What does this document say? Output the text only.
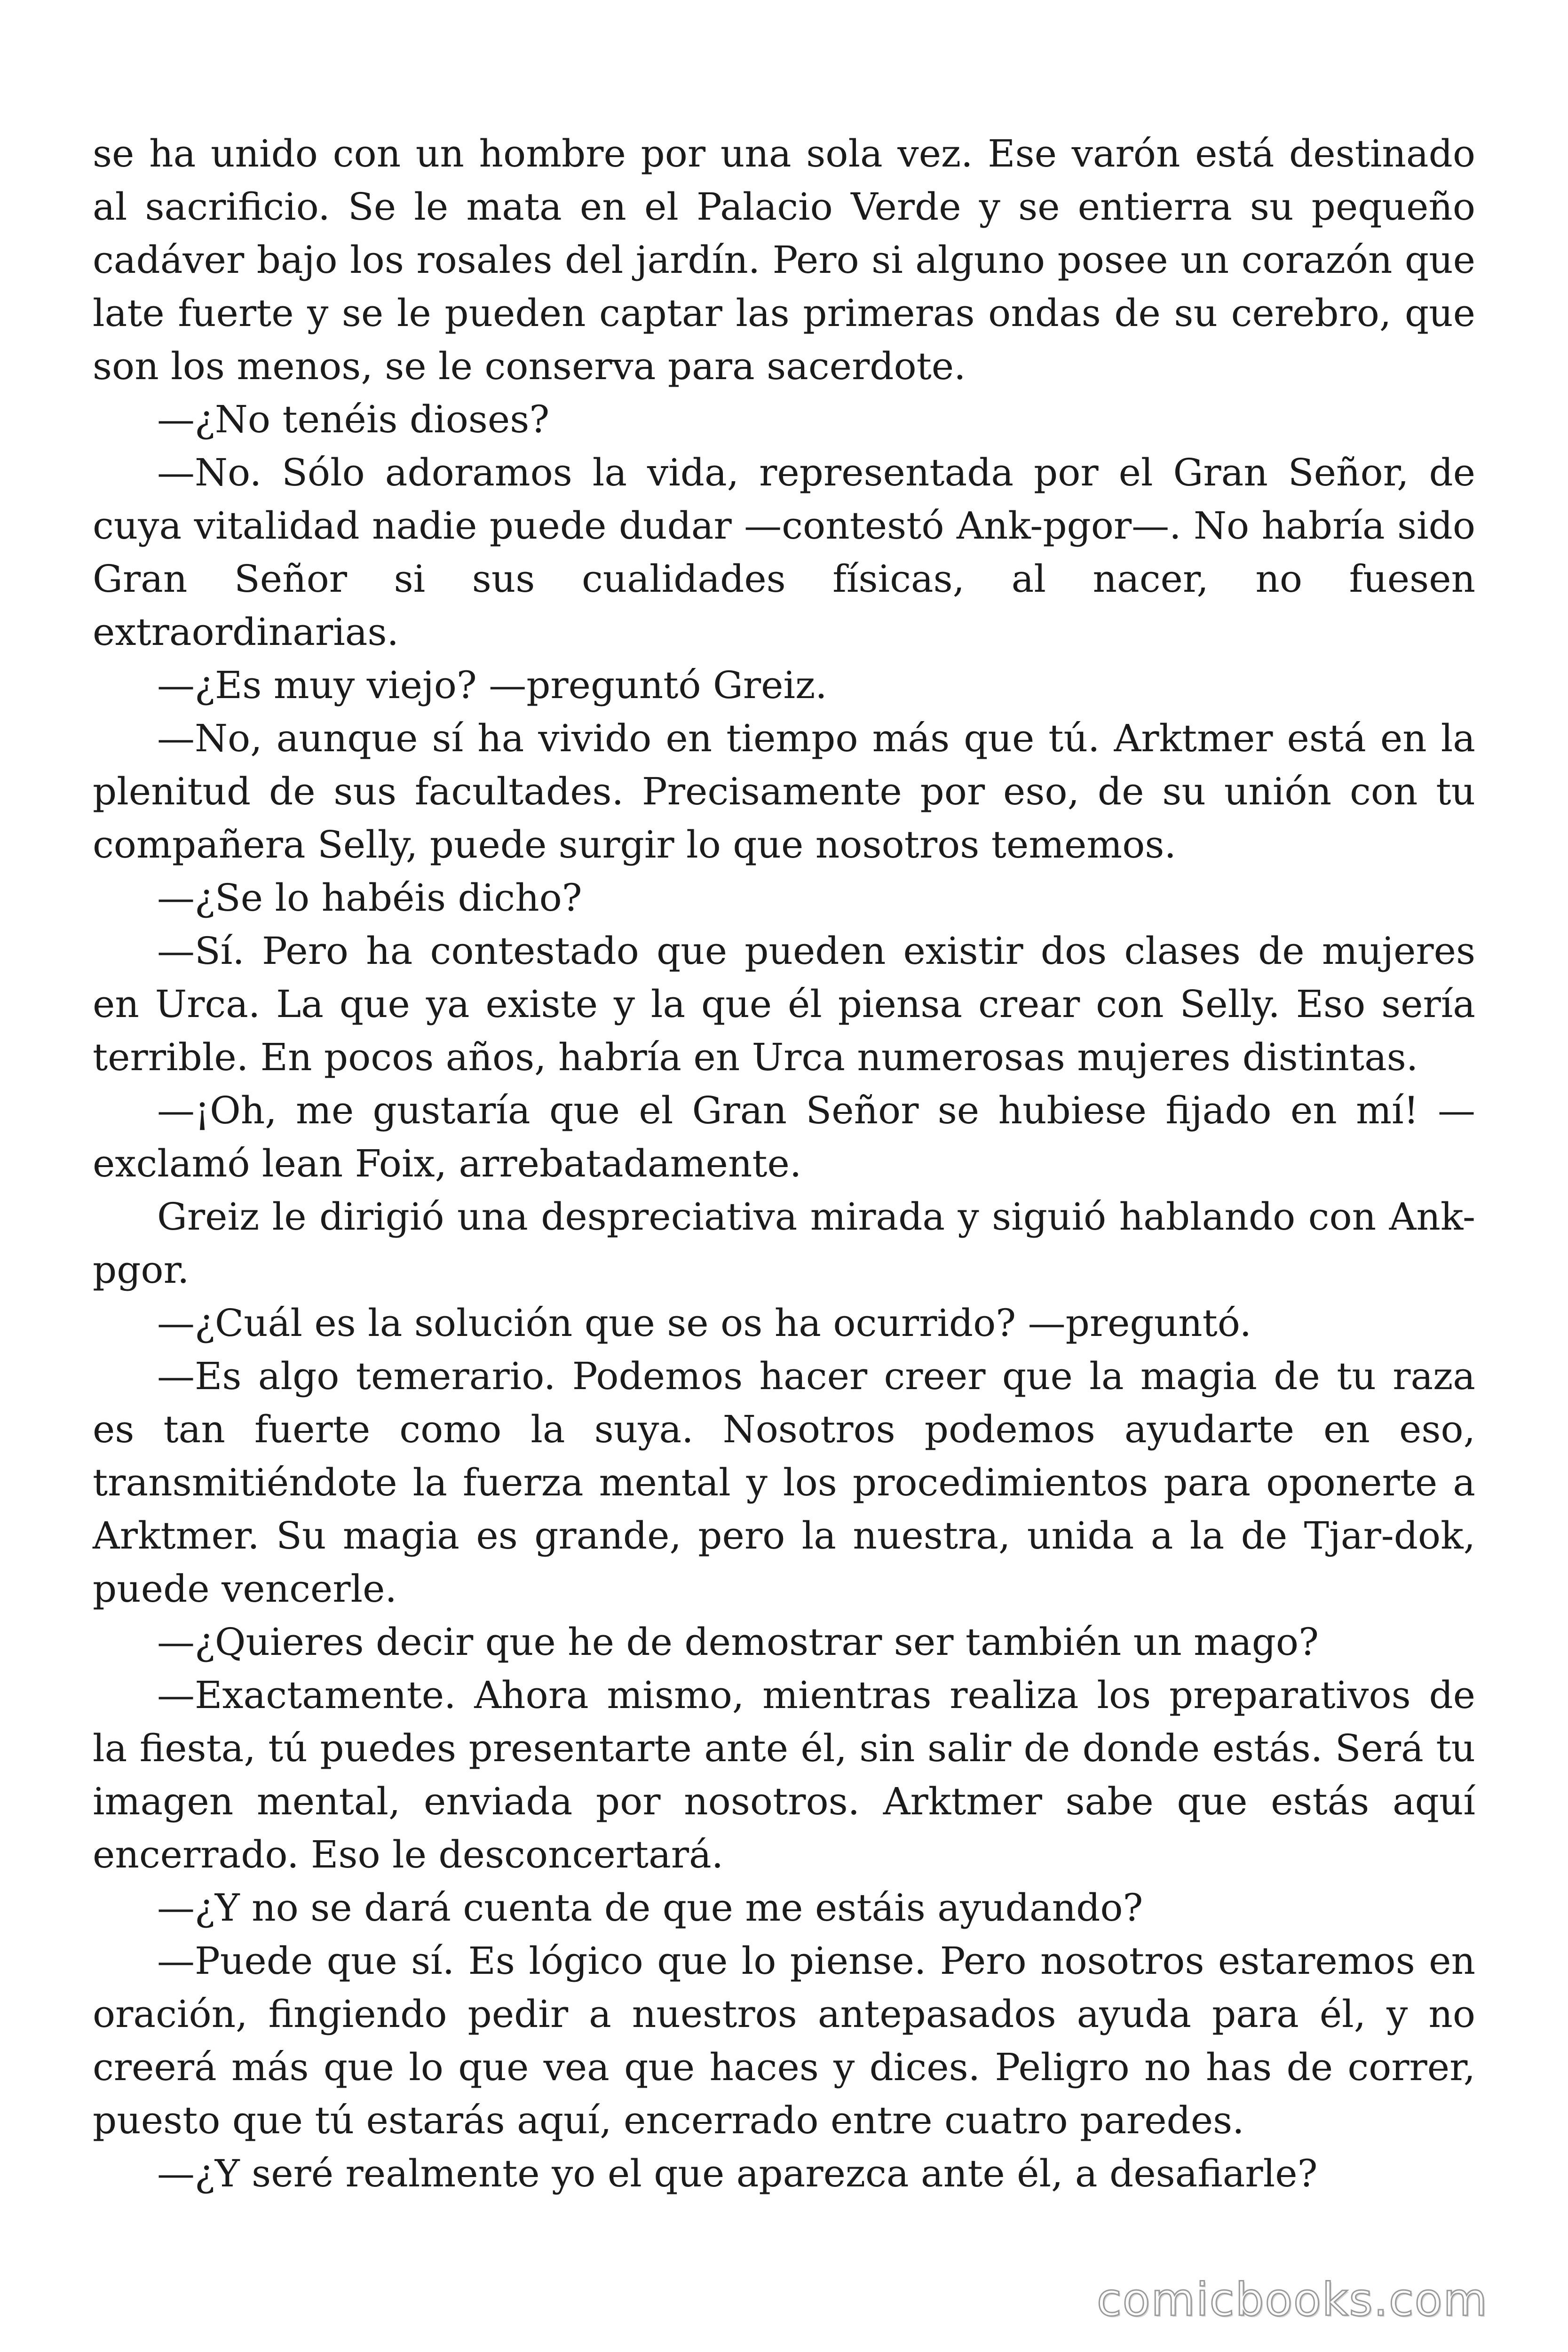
se ha unido con un hombre por una sola vez. Ese varón está destinado al sacrificio. Se le mata en el Palacio Verde y se entierra su pequeño cadáver bajo los rosales del jardín. Pero si alguno posee un corazón que late fuerte y se le pueden captar las primeras ondas de su cerebro, que son los menos, se le conserva para sacerdote.

—¿No tenéis dioses?

—No. Sólo adoramos la vida, representada por el Gran Señor, de cuya vitalidad nadie puede dudar —contestó Ank-pgor—. No habría sido Gran Señor si sus cualidades físicas, al nacer, no fuesen extraordinarias.

—¿Es muy viejo? —preguntó Greiz.

—No, aunque sí ha vivido en tiempo más que tú. Arktmer está en la plenitud de sus facultades. Precisamente por eso, de su unión con tu compañera Selly, puede surgir lo que nosotros tememos.

—¿Se lo habéis dicho?

—Sí. Pero ha contestado que pueden existir dos clases de mujeres en Urca. La que ya existe y la que él piensa crear con Selly. Eso sería terrible. En pocos años, habría en Urca numerosas mujeres distintas.

—¡Oh, me gustaría que el Gran Señor se hubiese fijado en mí! —exclamó lean Foix, arrebatadamente.

Greiz le dirigió una despreciativa mirada y siguió hablando con Ank-pgor.

—¿Cuál es la solución que se os ha ocurrido? —preguntó.

—Es algo temerario. Podemos hacer creer que la magia de tu raza es tan fuerte como la suya. Nosotros podemos ayudarte en eso, transmitiéndote la fuerza mental y los procedimientos para oponerte a Arktmer. Su magia es grande, pero la nuestra, unida a la de Tjar-dok, puede vencerle.

—¿Quieres decir que he de demostrar ser también un mago?

—Exactamente. Ahora mismo, mientras realiza los preparativos de la fiesta, tú puedes presentarte ante él, sin salir de donde estás. Será tu imagen mental, enviada por nosotros. Arktmer sabe que estás aquí encerrado. Eso le desconcertará.

—¿Y no se dará cuenta de que me estáis ayudando?

—Puede que sí. Es lógico que lo piense. Pero nosotros estaremos en oración, fingiendo pedir a nuestros antepasados ayuda para él, y no creerá más que lo que vea que haces y dices. Peligro no has de correr, puesto que tú estarás aquí, encerrado entre cuatro paredes.

—¿Y seré realmente yo el que aparezca ante él, a desafiarle?

comicbooks.com
